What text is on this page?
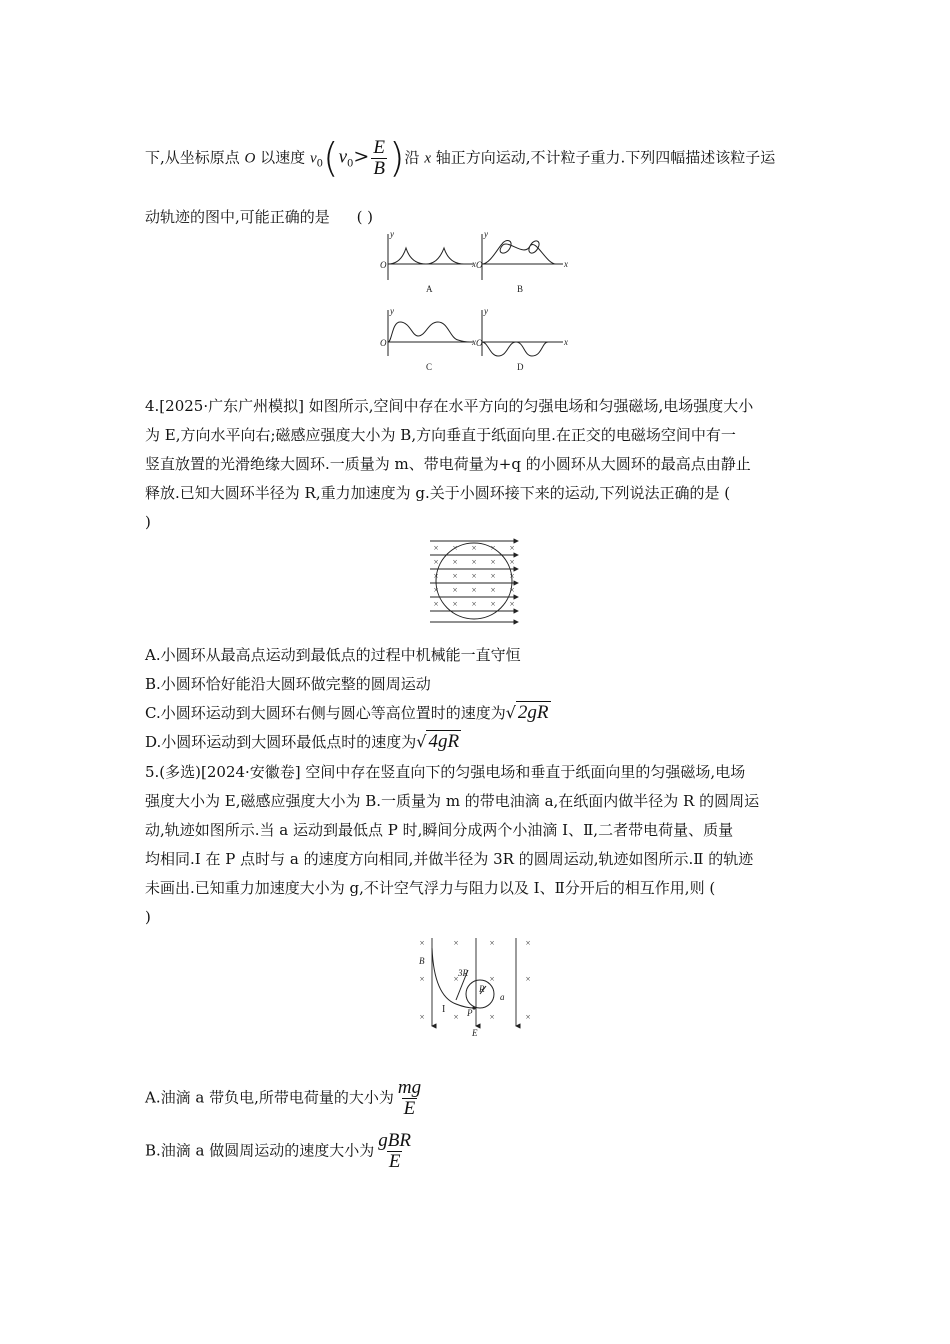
下,从坐标原点 O 以速度 $v_0(v_0> \frac{E}{B}$ )沿 x 轴正方向运动,不计粒子重力.下列四幅描述该粒子运
动轨迹的图中,可能正确的是 ( )
O
y
x O
y
x
O
y
x O
y
x
A	B
C	D
4.[2025·广东广州模拟] 如图所示,空间中存在水平方向的匀强电场和匀强磁场,电场强度大小
为 E,方向水平向右;磁感应强度大小为 B,方向垂直于纸面向里.在正交的电磁场空间中有一
竖直放置的光滑绝缘大圆环.一质量为 m、带电荷量为+q 的小圆环从大圆环的最高点由静止
释放.已知大圆环半径为 R,重力加速度为 g.关于小圆环接下来的运动,下列说法正确的是 (
)
× × × × ×
× × × × ×
× × × × ×
× × × × ×
× × × × ×
A.小圆环从最高点运动到最低点的过程中机械能一直守恒
B.小圆环恰好能沿大圆环做完整的圆周运动
C.小圆环运动到大圆环右侧与圆心等高位置时的速度为√ 2gR
D.小圆环运动到大圆环最低点时的速度为√ 4gR
5.(多选)[2024·安徽卷] 空间中存在竖直向下的匀强电场和垂直于纸面向里的匀强磁场,电场
强度大小为 E,磁感应强度大小为 B.一质量为 m 的带电油滴 a,在纸面内做半径为 R 的圆周运
动,轨迹如图所示.当 a 运动到最低点 P 时,瞬间分成两个小油滴 Ⅰ、Ⅱ,二者带电荷量、质量
均相同.Ⅰ 在 P 点时与 a 的速度方向相同,并做半径为 3R 的圆周运动,轨迹如图所示.Ⅱ 的轨迹
未画出.已知重力加速度大小为 g,不计空气浮力与阻力以及 Ⅰ、Ⅱ分开后的相互作用,则 (
)
×	×	×	×
×	×	×	×
×	×	×	×
B
3R
R
a
P
E
I
A.油滴 a 带负电,所带电荷量的大小为 $\frac{mg}{E}$
B.油滴 a 做圆周运动的速度大小为 $\frac{\text{gBR}}{E}$
